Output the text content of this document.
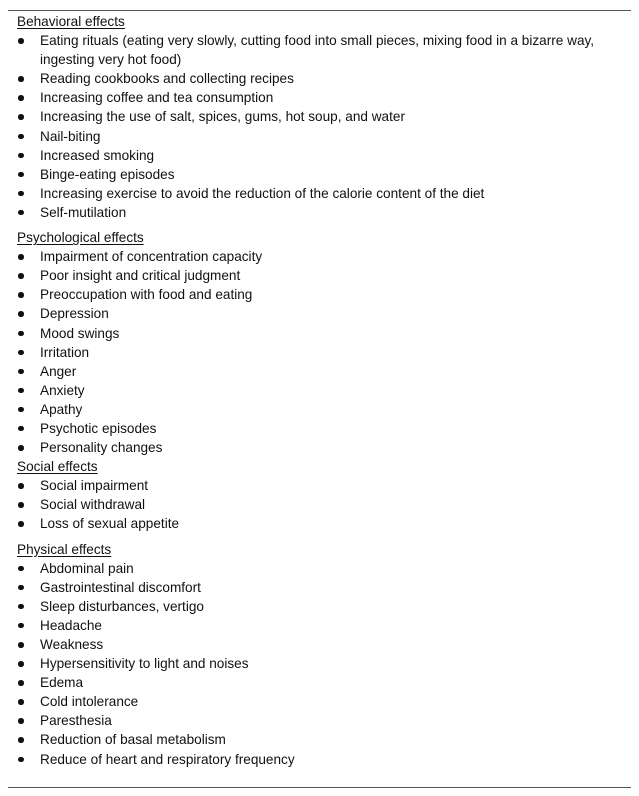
Behavioral effects
Eating rituals (eating very slowly, cutting food into small pieces, mixing food in a bizarre way, ingesting very hot food)
Reading cookbooks and collecting recipes
Increasing coffee and tea consumption
Increasing the use of salt, spices, gums, hot soup, and water
Nail-biting
Increased smoking
Binge-eating episodes
Increasing exercise to avoid the reduction of the calorie content of the diet
Self-mutilation
Psychological effects
Impairment of concentration capacity
Poor insight and critical judgment
Preoccupation with food and eating
Depression
Mood swings
Irritation
Anger
Anxiety
Apathy
Psychotic episodes
Personality changes
Social effects
Social impairment
Social withdrawal
Loss of sexual appetite
Physical effects
Abdominal pain
Gastrointestinal discomfort
Sleep disturbances, vertigo
Headache
Weakness
Hypersensitivity to light and noises
Edema
Cold intolerance
Paresthesia
Reduction of basal metabolism
Reduce of heart and respiratory frequency
